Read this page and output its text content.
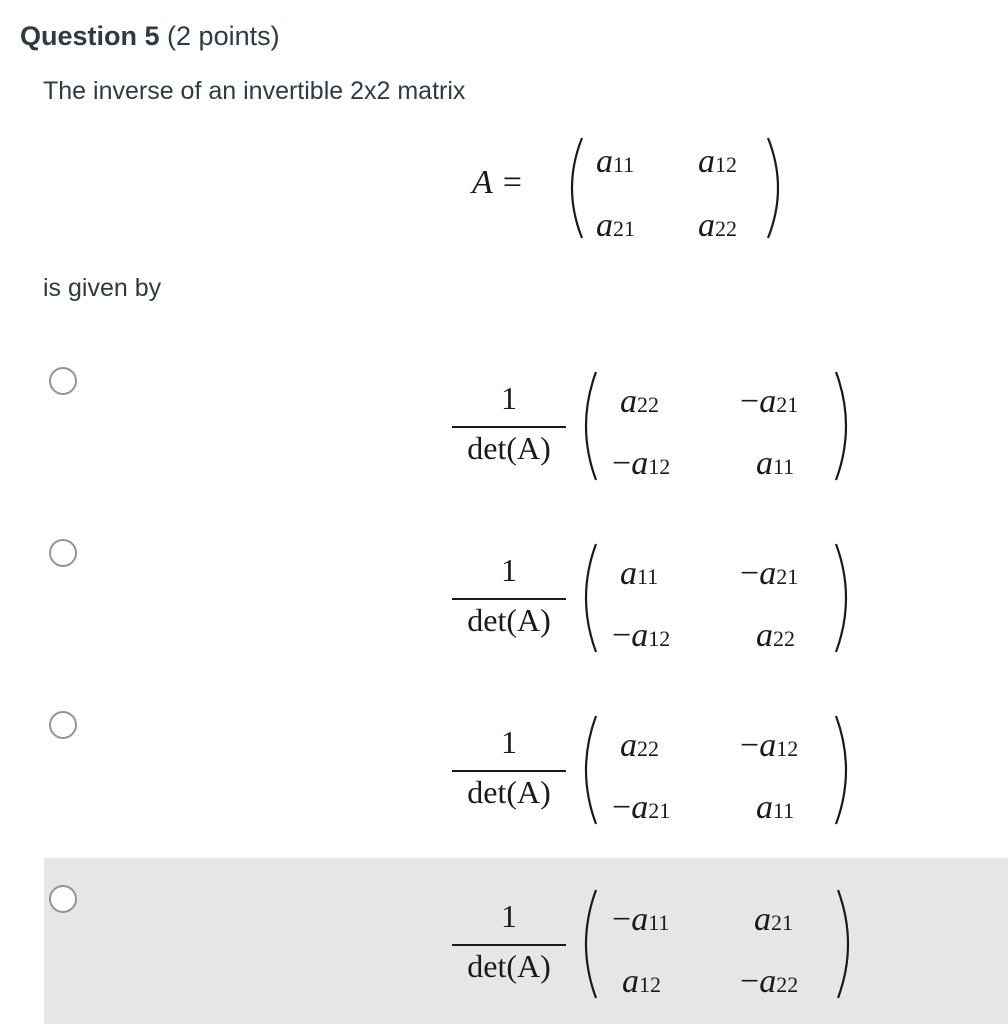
Question 5 (2 points)
The inverse of an invertible 2x2 matrix
A =
a11 a12
a21 a22
is given by
1
det(A)
a22 −a21
−a12	a11
1
det(A)
a11 −a21
−a12	a22
1
det(A)
a22 −a12
−a21	a11
1
det(A)
−a11 a21
a12 −a22
